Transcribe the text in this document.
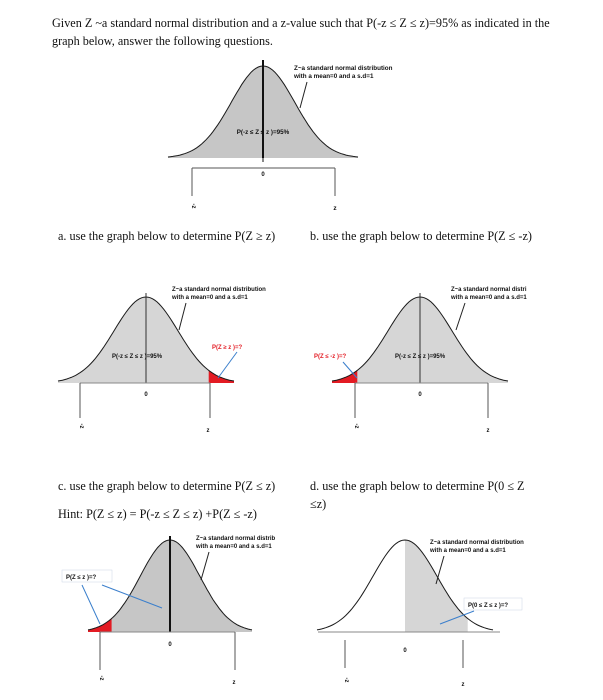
Given Z ~a standard normal distribution and a z-value such that P(-z ≤ Z ≤ z)=95% as indicated in the graph below, answer the following questions.
a. use the graph below to determine P(Z ≥ z)	b. use the graph below to determine P(Z ≤ -z)
c. use the graph below to determine P(Z ≤ z)
Hint: P(Z ≤ z) = P(-z ≤ Z ≤ z) +P(Z ≤ -z)
d. use the graph below to determine P(0 ≤ Z
≤z)
0
-z	z
P(-z ≤ Z ≤ z )=95%
Z~a standard normal distribution
with a mean=0 and a s.d=1
0
-z
z
P(-z ≤ Z ≤ z )=95%
P(Z ≥ z )=?
Z~a standard normal distribution
with a mean=0 and a s.d=1
0
-z
z
P(-z ≤ Z ≤ z )=95%
P(Z ≤ -z )=?
Z~a standard normal distri
with a mean=0 and a s.d=1
0
-z
z
P(Z ≤ z )=?
Z~a standard normal distrib
with a mean=0 and a s.d=1
0
-z
z
P(0 ≤ Z ≤ z )=?
Z~a standard normal distribution
with a mean=0 and a s.d=1
